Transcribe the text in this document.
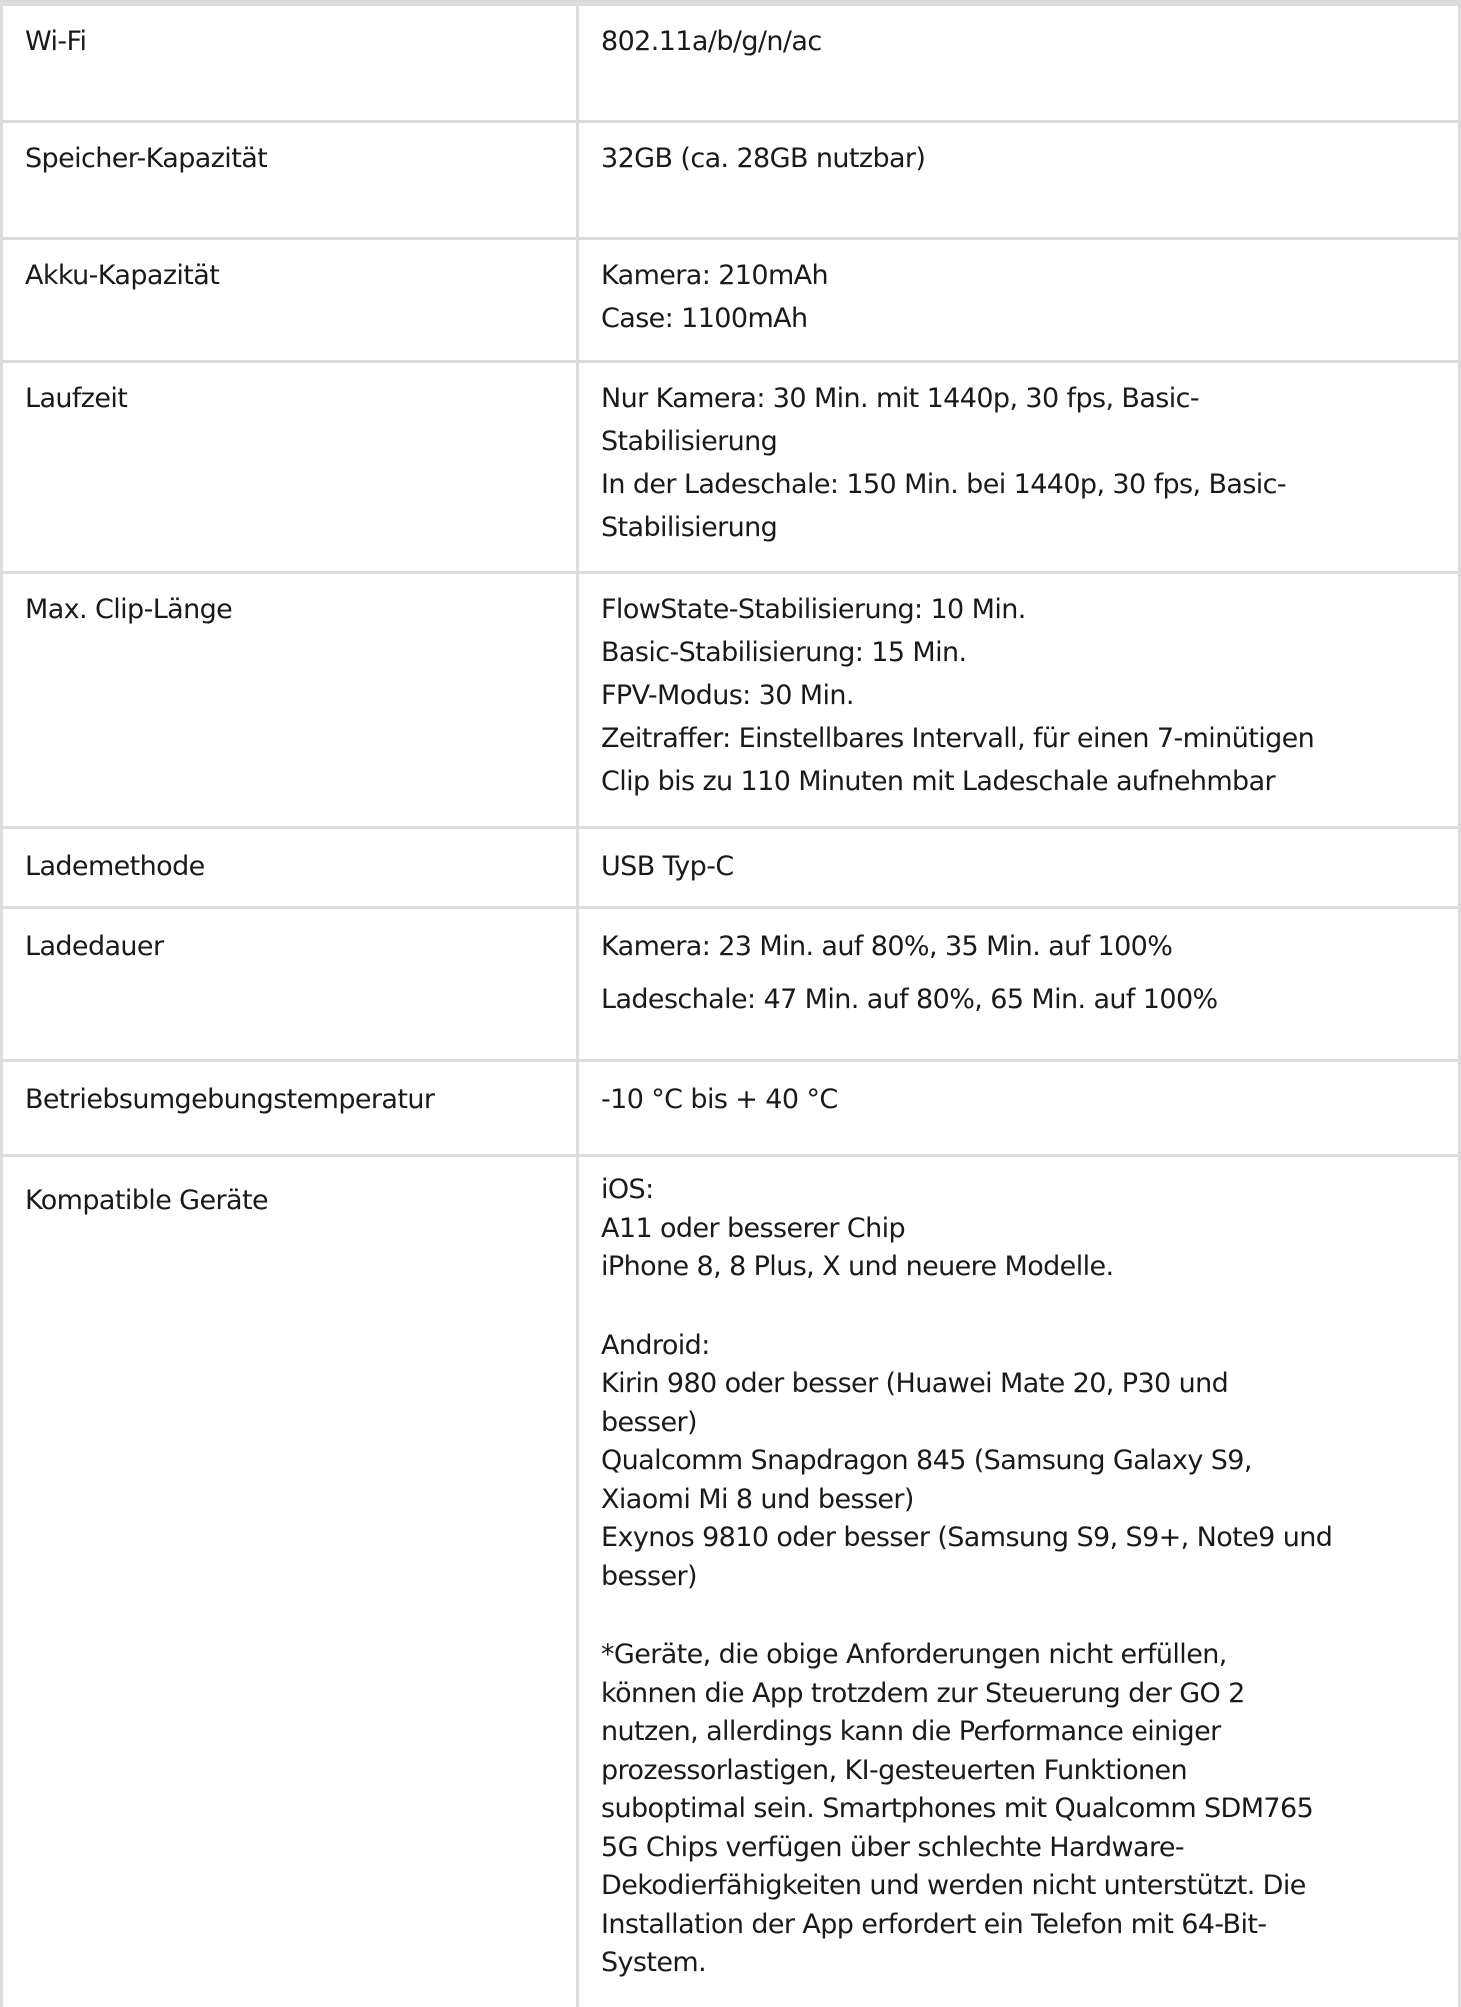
Wi-Fi	802.11a/b/g/n/ac
Speicher-Kapazität	32GB (ca. 28GB nutzbar)
Akku-Kapazität	Kamera: 210mAh
Case: 1100mAh
Laufzeit	Nur Kamera: 30 Min. mit 1440p, 30 fps, Basic-
Stabilisierung
In der Ladeschale: 150 Min. bei 1440p, 30 fps, Basic-
Stabilisierung
Max. Clip-Länge	FlowState-Stabilisierung: 10 Min.
Basic-Stabilisierung: 15 Min.
FPV-Modus: 30 Min.
Zeitraffer: Einstellbares Intervall, für einen 7-minütigen
Clip bis zu 110 Minuten mit Ladeschale aufnehmbar
Lademethode	USB Typ-C
Ladedauer	Kamera: 23 Min. auf 80%, 35 Min. auf 100%
Ladeschale: 47 Min. auf 80%, 65 Min. auf 100%
Betriebsumgebungstemperatur	-10 °C bis + 40 °C
Kompatible Geräte	iOS:
A11 oder besserer Chip
iPhone 8, 8 Plus, X und neuere Modelle.
Android:
Kirin 980 oder besser (Huawei Mate 20, P30 und
besser)
Qualcomm Snapdragon 845 (Samsung Galaxy S9,
Xiaomi Mi 8 und besser)
Exynos 9810 oder besser (Samsung S9, S9+, Note9 und
besser)
*Geräte, die obige Anforderungen nicht erfüllen,
können die App trotzdem zur Steuerung der GO 2
nutzen, allerdings kann die Performance einiger
prozessorlastigen, KI-gesteuerten Funktionen
suboptimal sein. Smartphones mit Qualcomm SDM765
5G Chips verfügen über schlechte Hardware-
Dekodierfähigkeiten und werden nicht unterstützt. Die
Installation der App erfordert ein Telefon mit 64-Bit-
System.
